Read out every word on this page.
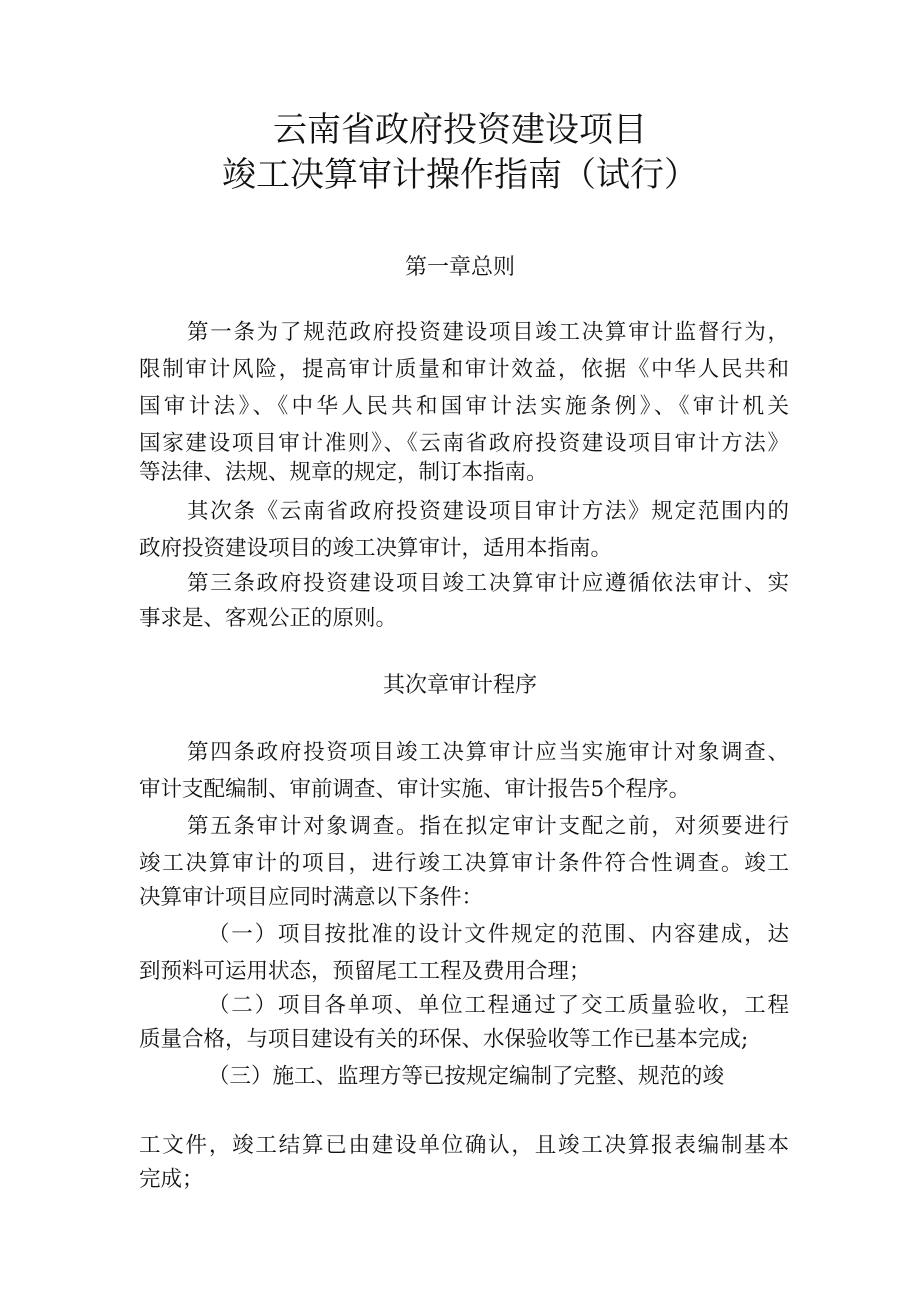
云南省政府投资建设项目
竣工决算审计操作指南（试行）
第一章总则
第一条为了规范政府投资建设项目竣工决算审计监督行为，
限制审计风险，提高审计质量和审计效益，依据《中华人民共和
国审计法》、《中华人民共和国审计法实施条例》、《审计机关
国家建设项目审计准则》、《云南省政府投资建设项目审计方法》
等法律、法规、规章的规定，制订本指南。
其次条《云南省政府投资建设项目审计方法》规定范围内的
政府投资建设项目的竣工决算审计，适用本指南。
第三条政府投资建设项目竣工决算审计应遵循依法审计、实
事求是、客观公正的原则。
其次章审计程序
第四条政府投资项目竣工决算审计应当实施审计对象调查、
审计支配编制、审前调查、审计实施、审计报告5个程序。
第五条审计对象调查。指在拟定审计支配之前，对须要进行
竣工决算审计的项目，进行竣工决算审计条件符合性调查。竣工
决算审计项目应同时满意以下条件：
（一）项目按批准的设计文件规定的范围、内容建成，达
到预料可运用状态，预留尾工工程及费用合理；
（二）项目各单项、单位工程通过了交工质量验收，工程
质量合格，与项目建设有关的环保、水保验收等工作已基本完成;
（三）施工、监理方等已按规定编制了完整、规范的竣
工文件，竣工结算已由建设单位确认，且竣工决算报表编制基本
完成；
